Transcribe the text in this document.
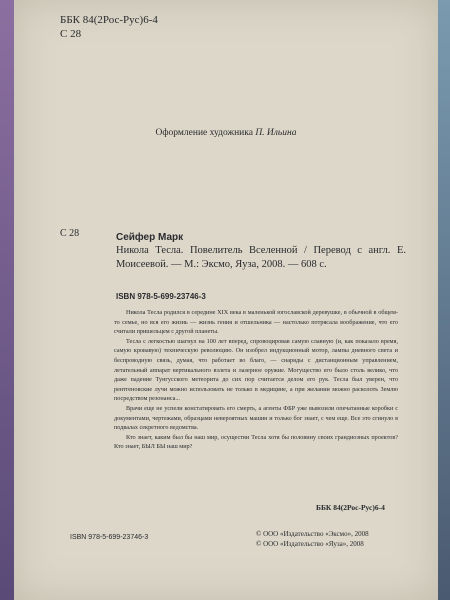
ББК 84(2Рос-Рус)6-4
С 28
Оформление художника П. Ильина
С 28	Сейфер Марк
Никола Тесла. Повелитель Вселенной / Перевод с англ. Е. Моисеевой. — М.: Эксмо, Яуза, 2008. — 608 с.
ISBN 978-5-699-23746-3

Никола Тесла родился в середине XIX века в маленькой югославской деревушке, в обычной в общем-то семье, но вся его жизнь — жизнь гения и отшельника — настолько потрясала воображение, что его считали пришельцем с другой планеты.

Тесла с легкостью шагнул на 100 лет вперед, спровоцировав самую славную (и, как показало время, самую кровавую) техническую революцию. Он изобрел индукционный мотор, лампы дневного света и беспроводную связь, думая, что работает во благо, — снаряды с дистанционным управлением, летательный аппарат вертикального взлета и лазерное оружие. Могущество его было столь велико, что даже падение Тунгусского метеорита до сих пор считается делом его рук. Тесла был уверен, что рентгеновские лучи можно использовать не только в медицине, а при желании можно расколоть Землю посредством резонанса...

Врачи еще не успели констатировать его смерть, а агенты ФБР уже вывозили опечатанные коробки с документами, чертежами, образцами невероятных машин и только бог знает, с чем еще. Все это сгинуло в подвалах секретного ведомства.

Кто знает, каким был бы наш мир, осуществи Тесла хотя бы половину своих грандиозных проектов? Кто знает, БЫЛ БЫ наш мир?

ББК 84(2Рос-Рус)6-4
ISBN 978-5-699-23746-3	© ООО «Издательство «Эксмо», 2008
© ООО «Издательство «Яуза», 2008
